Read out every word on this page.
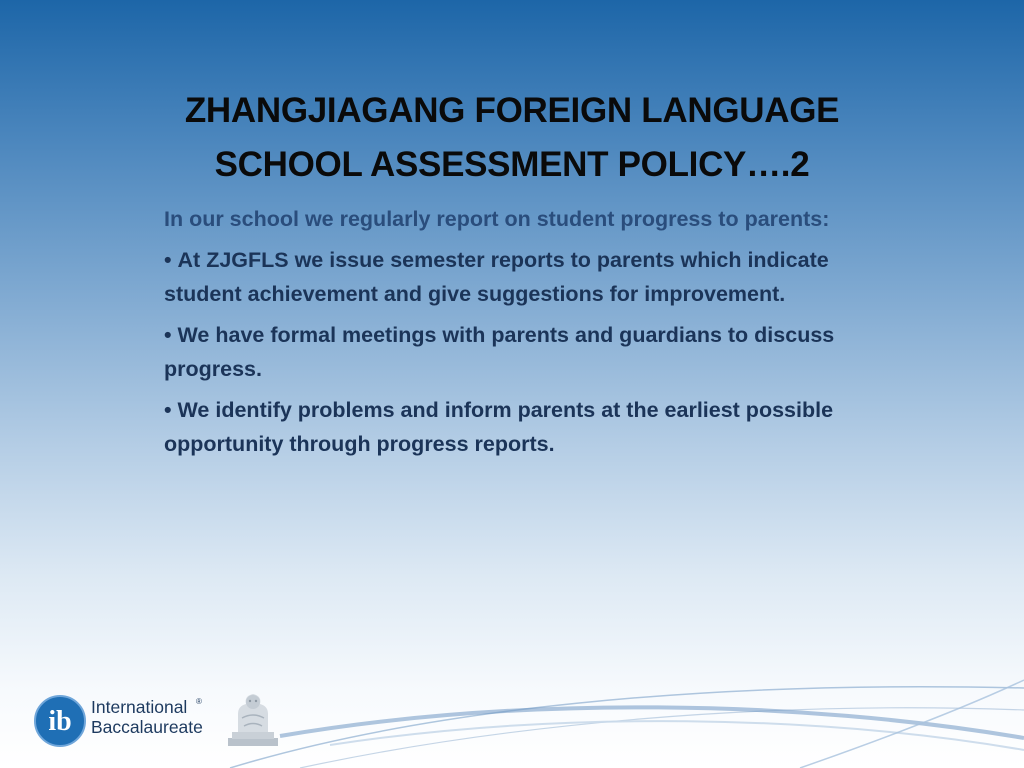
ZHANGJIAGANG FOREIGN LANGUAGE
SCHOOL ASSESSMENT POLICY….2

In our school we regularly report on student progress to parents:

• At ZJGFLS we issue semester reports to parents which indicate student achievement and give suggestions for improvement.

• We have formal meetings with parents and guardians to discuss progress.

• We identify problems and inform parents at the earliest possible opportunity through progress reports.

ib International
Baccalaureate
®
